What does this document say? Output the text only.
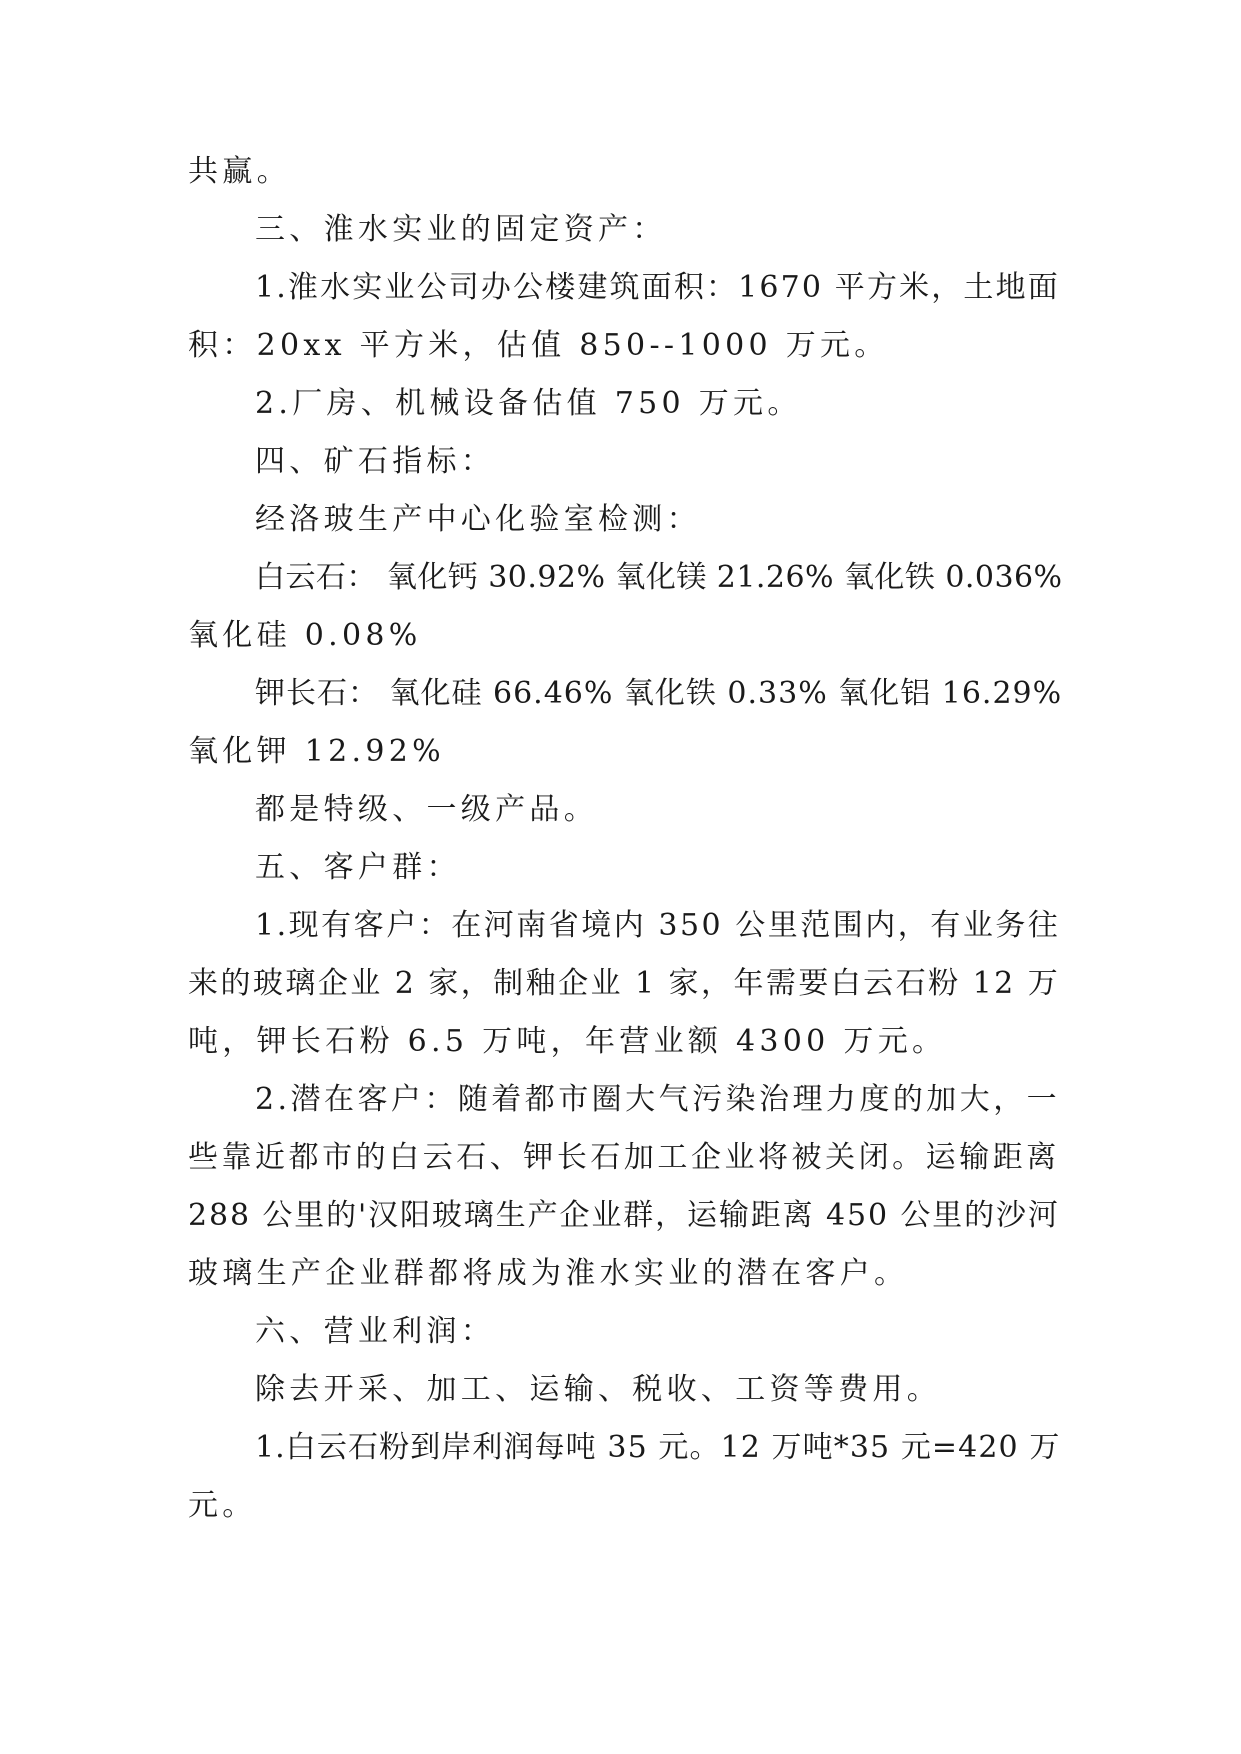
共赢。
三、淮水实业的固定资产：
1.淮水实业公司办公楼建筑面积：1670 平方米，土地面
积：20xx 平方米，估值 850--1000 万元。
2.厂房、机械设备估值 750 万元。
四、矿石指标：
经洛玻生产中心化验室检测：
白云石： 氧化钙 30.92% 氧化镁 21.26% 氧化铁 0.036%
氧化硅 0.08%
钾长石： 氧化硅 66.46% 氧化铁 0.33% 氧化铝 16.29%
氧化钾 12.92%
都是特级、一级产品。
五、客户群：
1.现有客户：在河南省境内 350 公里范围内，有业务往
来的玻璃企业 2 家，制釉企业 1 家，年需要白云石粉 12 万
吨，钾长石粉 6.5 万吨，年营业额 4300 万元。
2.潜在客户：随着都市圈大气污染治理力度的加大，一
些靠近都市的白云石、钾长石加工企业将被关闭。运输距离
288 公里的'汉阳玻璃生产企业群，运输距离 450 公里的沙河
玻璃生产企业群都将成为淮水实业的潜在客户。
六、营业利润：
除去开采、加工、运输、税收、工资等费用。
1.白云石粉到岸利润每吨 35 元。12 万吨*35 元=420 万
元。
